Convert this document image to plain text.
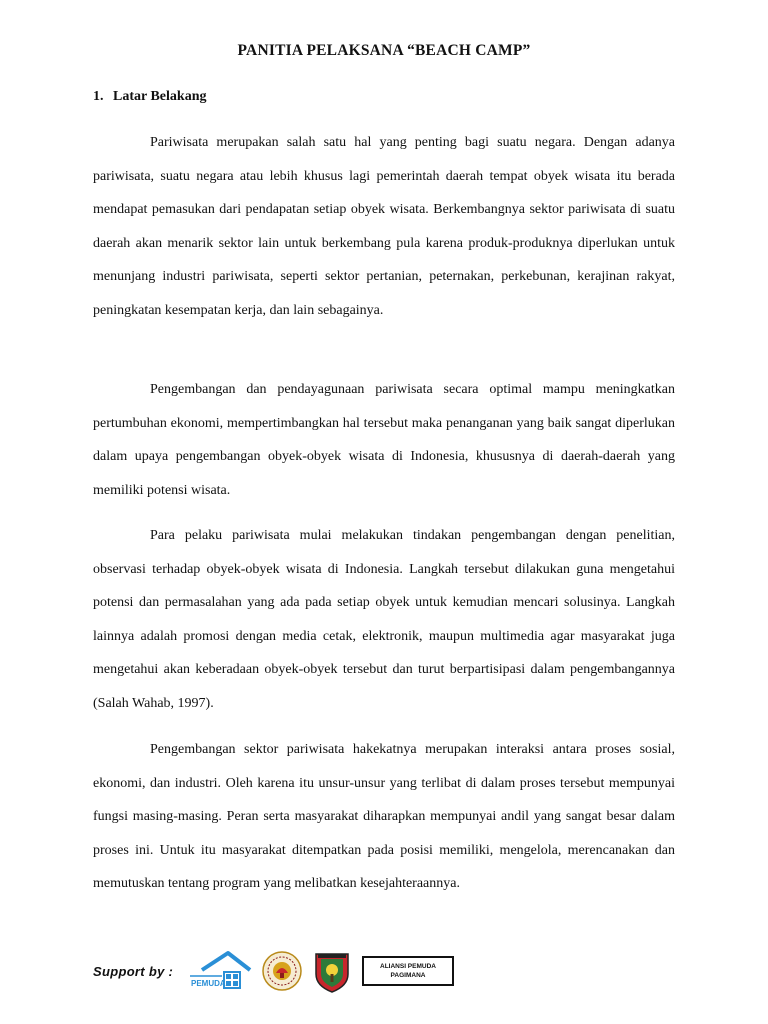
PANITIA PELAKSANA “BEACH CAMP”
1. Latar Belakang

Pariwisata merupakan salah satu hal yang penting bagi suatu negara. Dengan adanya pariwisata, suatu negara atau lebih khusus lagi pemerintah daerah tempat obyek wisata itu berada mendapat pemasukan dari pendapatan setiap obyek wisata. Berkembangnya sektor pariwisata di suatu daerah akan menarik sektor lain untuk berkembang pula karena produk-produknya diperlukan untuk menunjang industri pariwisata, seperti sektor pertanian, peternakan, perkebunan, kerajinan rakyat, peningkatan kesempatan kerja, dan lain sebagainya.

Pengembangan dan pendayagunaan pariwisata secara optimal mampu meningkatkan pertumbuhan ekonomi, mempertimbangkan hal tersebut maka penanganan yang baik sangat diperlukan dalam upaya pengembangan obyek-obyek wisata di Indonesia, khususnya di daerah-daerah yang memiliki potensi wisata.

Para pelaku pariwisata mulai melakukan tindakan pengembangan dengan penelitian, observasi terhadap obyek-obyek wisata di Indonesia. Langkah tersebut dilakukan guna mengetahui potensi dan permasalahan yang ada pada setiap obyek untuk kemudian mencari solusinya. Langkah lainnya adalah promosi dengan media cetak, elektronik, maupun multimedia agar masyarakat juga mengetahui akan keberadaan obyek-obyek tersebut dan turut berpartisipasi dalam pengembangannya (Salah Wahab, 1997).

Pengembangan sektor pariwisata hakekatnya merupakan interaksi antara proses sosial, ekonomi, dan industri. Oleh karena itu unsur-unsur yang terlibat di dalam proses tersebut mempunyai fungsi masing-masing. Peran serta masyarakat diharapkan mempunyai andil yang sangat besar dalam proses ini. Untuk itu masyarakat ditempatkan pada posisi memiliki, mengelola, merencanakan dan memutuskan tentang program yang melibatkan kesejahteraannya.

Support by :
PEMUDA
ALIANSI PEMUDA
PAGIMANA
